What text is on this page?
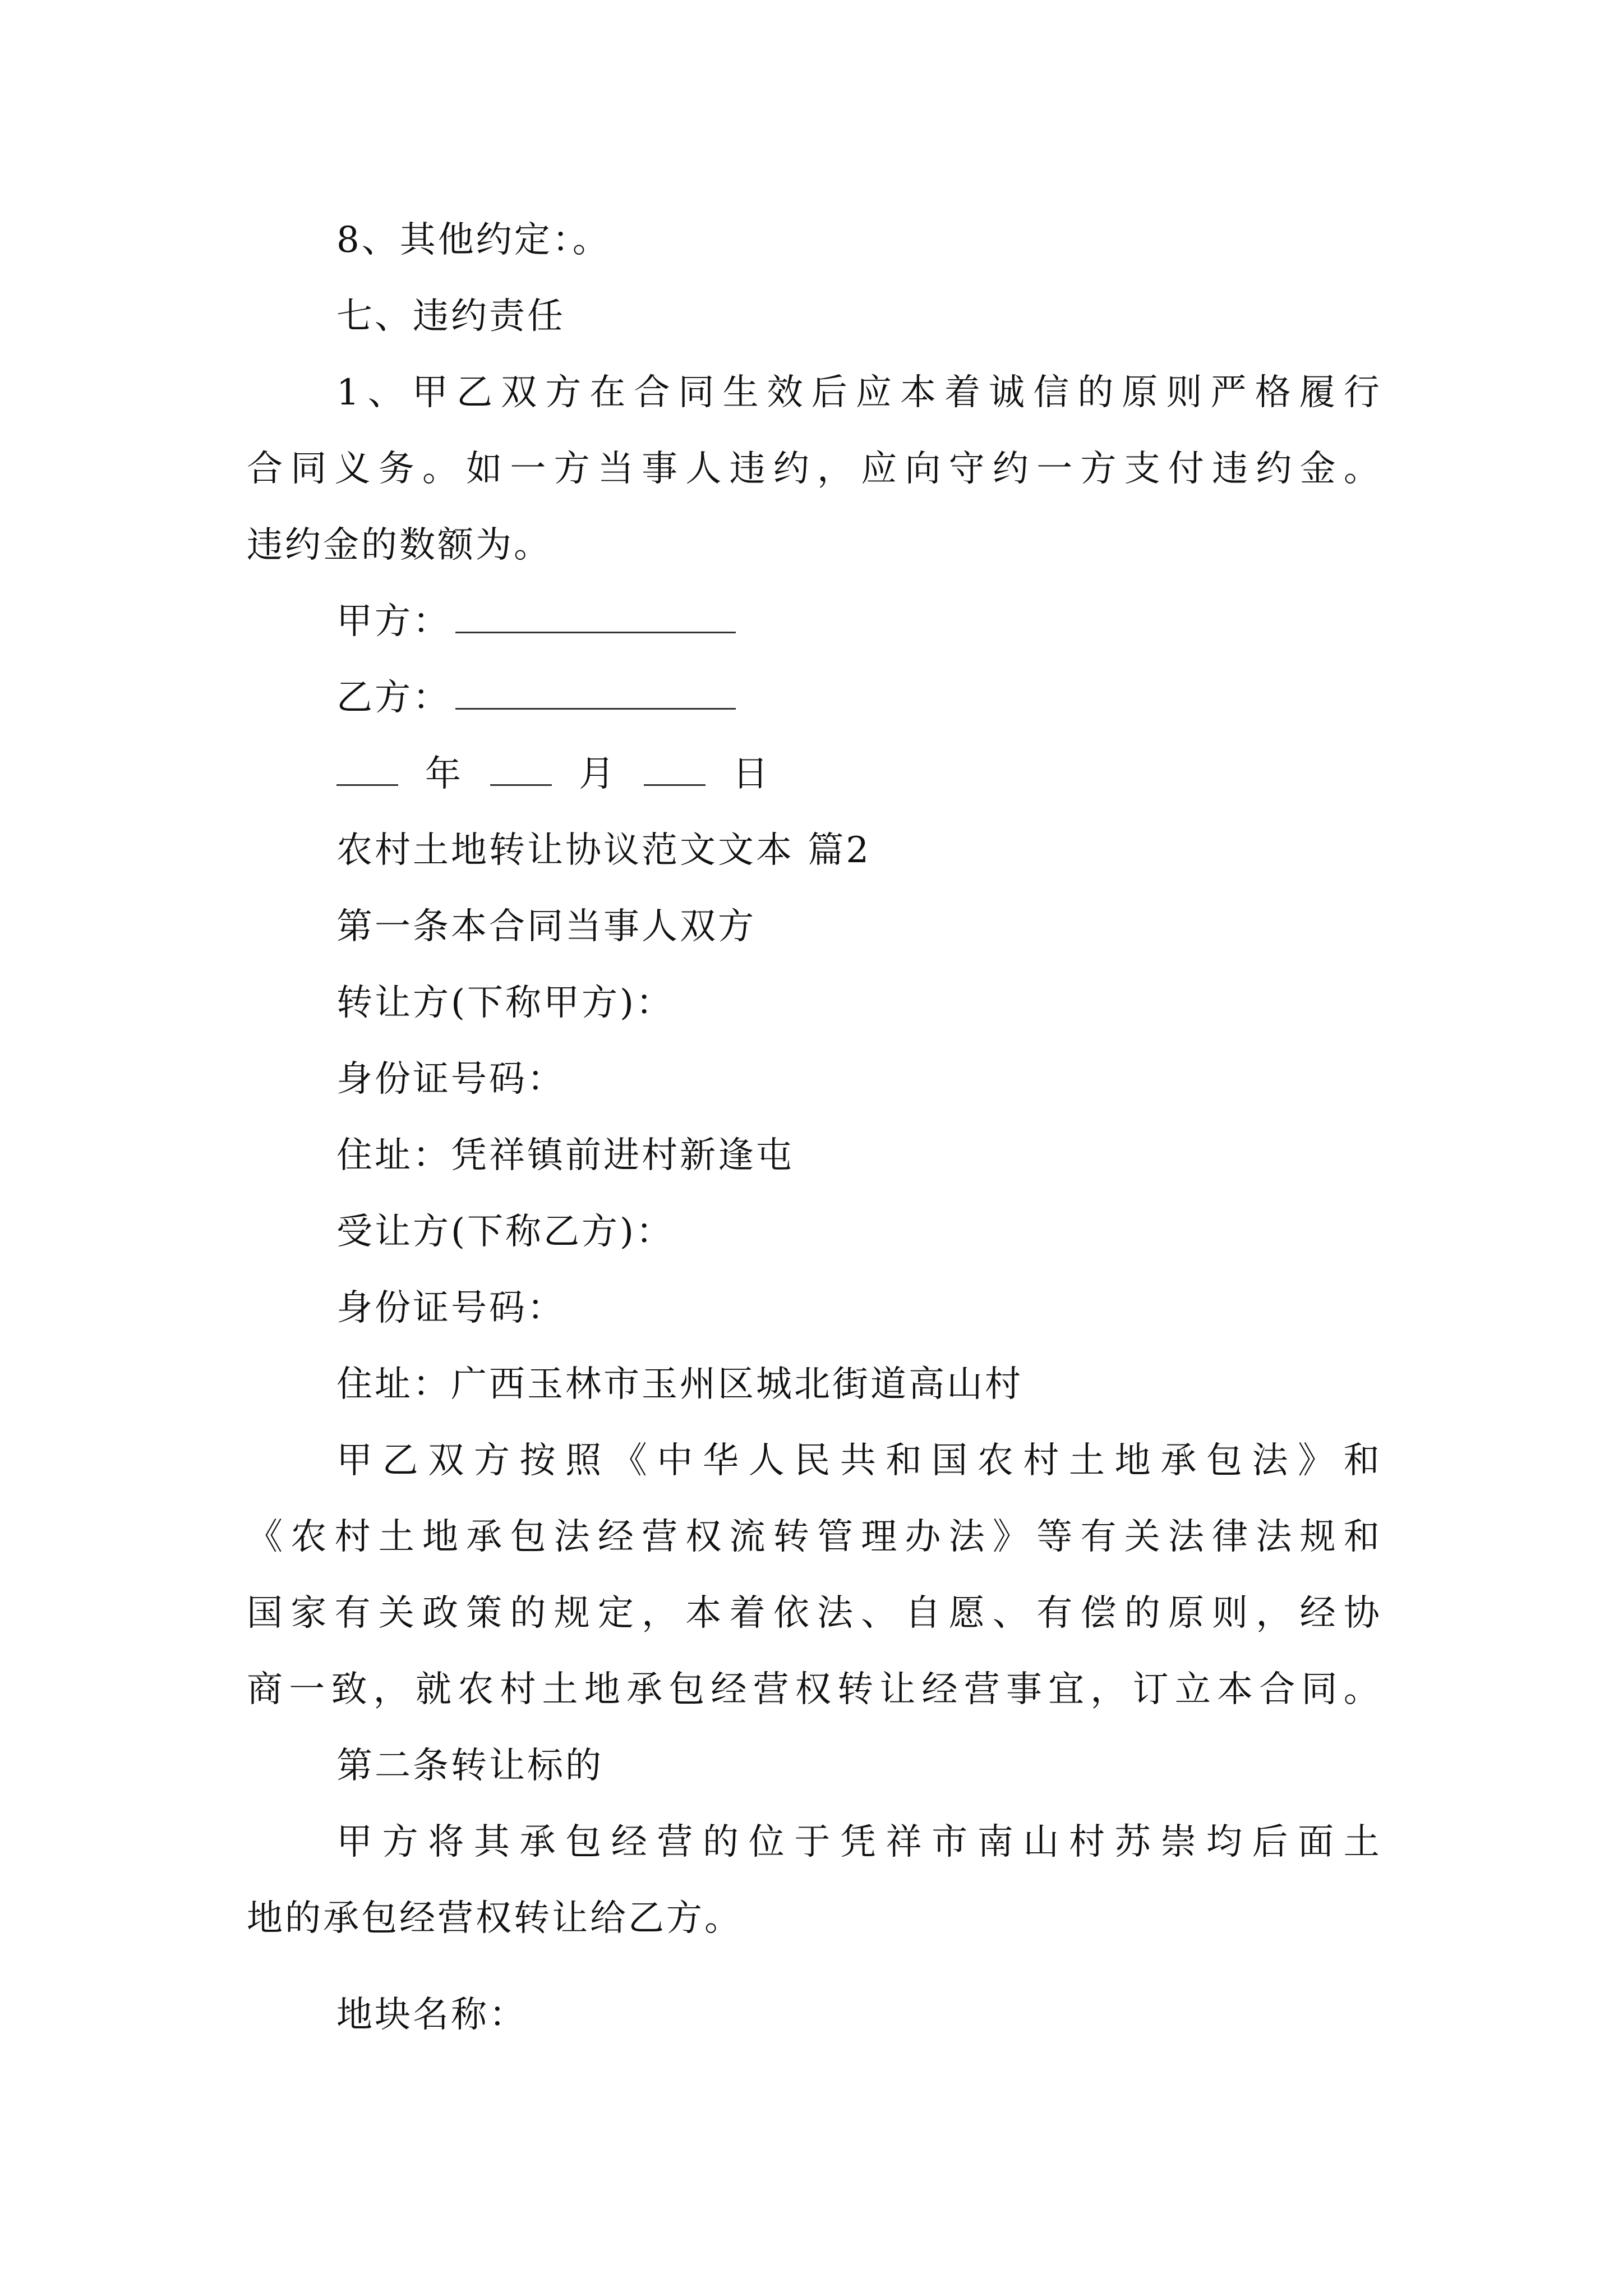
8、其他约定：。
七、违约责任
1 、 甲 乙 双 方 在 合 同 生 效 后 应 本 着 诚 信 的 原 则 严 格 履 行
合 同 义 务 。 如 一 方 当 事 人 违 约 ， 应 向 守 约 一 方 支 付 违 约 金 。
违约金的数额为。
甲方：
乙方：
年	月	日
农村土地转让协议范文文本 篇2
第一条本合同当事人双方
转让方(下称甲方)：
身份证号码：
住址：凭祥镇前进村新逢屯
受让方(下称乙方)：
身份证号码：
住址：广西玉林市玉州区城北街道高山村
甲 乙 双 方 按 照 《 中 华 人 民 共 和 国 农 村 土 地 承 包 法 》 和
《 农 村 土 地 承 包 法 经 营 权 流 转 管 理 办 法 》 等 有 关 法 律 法 规 和
国 家 有 关 政 策 的 规 定 ， 本 着 依 法 、 自 愿 、 有 偿 的 原 则 ， 经 协
商 一 致 ， 就 农 村 土 地 承 包 经 营 权 转 让 经 营 事 宜 ， 订 立 本 合 同 。
第二条转让标的
甲 方 将 其 承 包 经 营 的 位 于 凭 祥 市 南 山 村 苏 崇 均 后 面 土
地的承包经营权转让给乙方。
地块名称：
